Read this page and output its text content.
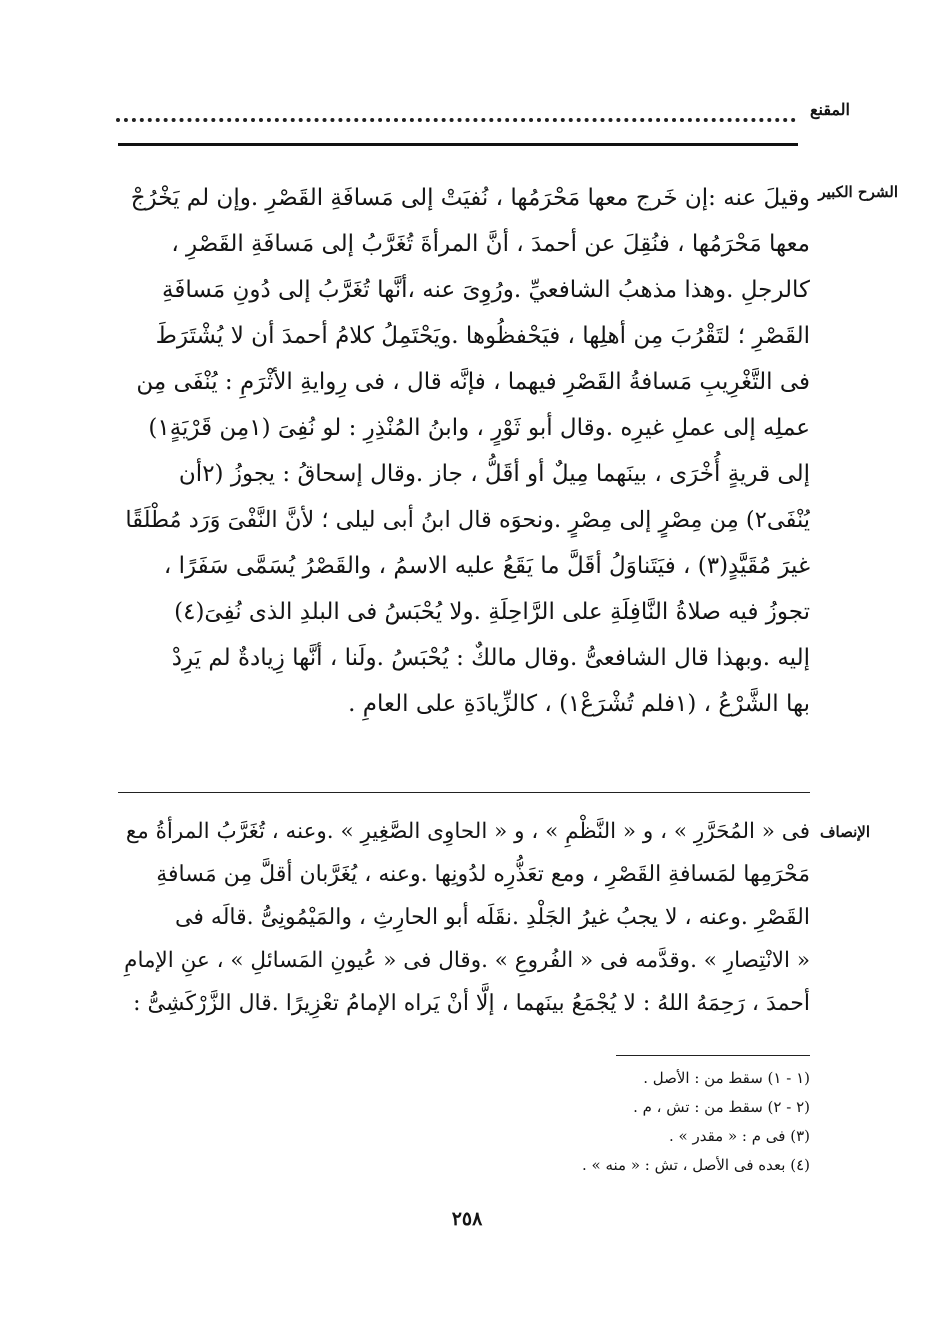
المقنع
الشرح الكبير
وقيلَ عنه :إن خَرج معها مَحْرَمُها ، نُفيَتْ إلى مَسافَةِ القَصْرِ .وإن لم يَخْرُجْ
معها مَحْرَمُها ، فنُقِلَ عن أحمدَ ، أنَّ المرأةَ تُغَرَّبُ إلى مَسافَةِ القَصْرِ ،
كالرجلِ .وهذا مذهبُ الشافعيِّ .ورُوِىَ عنه ،أنَّها تُغَرَّبُ إلى دُونِ مَسافَةِ
القَصْرِ ؛ لتَقْرُبَ مِن أهلِها ، فيَحْفظُوها .ويَحْتَمِلُ كلامُ أحمدَ أن لا يُشْتَرَطَ
فى التَّغْرِيبِ مَسافةُ القَصْرِ فيهما ، فإنَّه قال ، فى رِوايةِ الأثْرَمِ : يُنْفَى مِن
عملِه إلى عملِ غيرِه .وقال أبو ثَوْرٍ ، وابنُ المُنْذِرِ : لو نُفِىَ (١مِن قَرْيَةٍ١)
إلى قريةٍ أُخْرَى ، بينَهما مِيلٌ أو أقَلُّ ، جاز .وقال إسحاقُ : يجوزُ (٢أن
يُنْفَى٢) مِن مِصْرٍ إلى مِصْرٍ .ونحوَه قال ابنُ أبى ليلى ؛ لأنَّ النَّفْىَ وَرَد مُطْلَقًا
غيرَ مُقَيَّدٍ(٣) ، فيَتَناوَلُ أقَلَّ ما يَقَعُ عليه الاسمُ ، والقَصْرُ يُسَمَّى سَفَرًا ،
تجوزُ فيه صلاةُ النَّافِلَةِ على الرَّاحِلَةِ .ولا يُحْبَسُ فى البلدِ الذى نُفِىَ(٤)
إليه .وبهذا قال الشافعىُّ .وقال مالكٌ : يُحْبَسُ .ولَنا ، أنَّها زِيادةٌ لم يَرِدْ
بها الشَّرْعُ ، (١فلم تُشْرَعْ١) ، كالزِّيادَةِ على العامِ .
الإنصاف
فى « المُحَرَّرِ » ، و « النَّظْمِ » ، و « الحاوِى الصَّغِيرِ » .وعنه ، تُغَرَّبُ المرأةُ مع
مَحْرَمِها لمَسافةِ القَصْرِ ، ومع تعَذُّرِه لدُونِها .وعنه ، يُغَرَّبان أقلَّ مِن مَسافةِ
القَصْرِ .وعنه ، لا يجبُ غيرُ الجَلْدِ .نقَلَه أبو الحارِثِ ، والمَيْمُونِىُّ .قالَه فى
« الانْتِصارِ » .وقدَّمه فى « الفُروعِ » .وقال فى « عُيونِ المَسائلِ » ، عنِ الإمامِ
أحمدَ ، رَحِمَهُ اللهُ : لا يُجْمَعُ بينَهما ، إلَّا أنْ يَراه الإمامُ تعْزِيرًا .قال الزَّرْكَشِىُّ :
(١ - ١) سقط من : الأصل .
(٢ - ٢) سقط من : تش ، م .
(٣) فى م : « مقدر » .
(٤) بعده فى الأصل ، تش : « منه » .
٢٥٨
